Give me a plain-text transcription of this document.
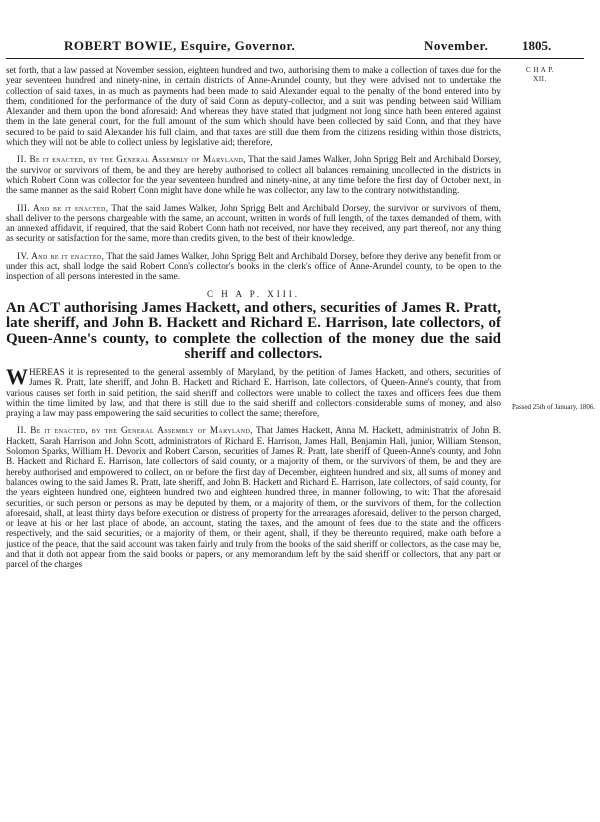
ROBERT BOWIE, Esquire, Governor.	November.	1805.
C H A P.
XII.
Passed 25th of January, 1806.

set forth, that a law passed at November session, eighteen hundred and two, authorising them to make a collection of taxes due for the year seventeen hundred and ninety-nine, in certain districts of Anne-Arundel county, but they were advised not to undertake the collection of said taxes, in as much as payments had been made to said Alexander equal to the penalty of the bond entered into by them, conditioned for the performance of the duty of said Conn as deputy-collector, and a suit was pending between said William Alexander and them upon the bond aforesaid: And whereas they have stated that judgment not long since hath been entered against them in the late general court, for the full amount of the sum which should have been collected by said Conn, and that they have secured to be paid to said Alexander his full claim, and that taxes are still due them from the citizens residing within those districts, which they will not be able to collect unless by legislative aid; therefore,

II. Be it enacted, by the General Assembly of Maryland, That the said James Walker, John Sprigg Belt and Archibald Dorsey, the survivor or survivors of them, be and they are hereby authorised to collect all balances remaining uncollected in the districts in which Robert Conn was collector for the year seventeen hundred and ninety-nine, at any time before the first day of October next, in the same manner as the said Robert Conn might have done while he was collector, any law to the contrary notwithstanding.

III. And be it enacted, That the said James Walker, John Sprigg Belt and Archibald Dorsey, the survivor or survivors of them, shall deliver to the persons chargeable with the same, an account, written in words of full length, of the taxes demanded of them, with an annexed affidavit, if required, that the said Robert Conn hath not received, nor have they received, any part thereof, nor any thing as security or satisfaction for the same, more than credits given, to the best of their knowledge.

IV. And be it enacted, That the said James Walker, John Sprigg Belt and Archibald Dorsey, before they derive any benefit from or under this act, shall lodge the said Robert Conn's collector's books in the clerk's office of Anne-Arundel county, to be open to the inspection of all persons interested in the same.

C H A P. XIII.
An ACT authorising James Hackett, and others, securities of James R. Pratt, late sheriff, and John B. Hackett and Richard E. Harrison, late collectors, of Queen-Anne's county, to complete the collection of the money due the said sheriff and collectors.

WHEREAS it is represented to the general assembly of Maryland, by the petition of James Hackett, and others, securities of James R. Pratt, late sheriff, and John B. Hackett and Richard E. Harrison, late collectors, of Queen-Anne's county, that from various causes set forth in said petition, the said sheriff and collectors were unable to collect the taxes and officers fees due them within the time limited by law, and that there is still due to the said sheriff and collectors considerable sums of money, and also praying a law may pass empowering the said securities to collect the same; therefore,

II. Be it enacted, by the General Assembly of Maryland, That James Hackett, Anna M. Hackett, administratrix of John B. Hackett, Sarah Harrison and John Scott, administrators of Richard E. Harrison, James Hall, Benjamin Hall, junior, William Stenson, Solomon Sparks, William H. Devorix and Robert Carson, securities of James R. Pratt, late sheriff of Queen-Anne's county, and John B. Hackett and Richard E. Harrison, late collectors of said county, or a majority of them, or the survivors of them, be and they are hereby authorised and empowered to collect, on or before the first day of December, eighteen hundred and six, all sums of money and balances owing to the said James R. Pratt, late sheriff, and John B. Hackett and Richard E. Harrison, late collectors, of said county, for the years eighteen hundred one, eighteen hundred two and eighteen hundred three, in manner following, to wit: That the aforesaid securities, or such person or persons as may be deputed by them, or a majority of them, or the survivors of them, for the collection aforesaid, shall, at least thirty days before execution or distress of property for the arrearages aforesaid, deliver to the person charged, or leave at his or her last place of abode, an account, stating the taxes, and the amount of fees due to the state and the officers respectively, and the said securities, or a majority of them, or their agent, shall, if they be thereunto required, make oath before a justice of the peace, that the said account was taken fairly and truly from the books of the said sheriff or collectors, as the case may be, and that it doth not appear from the said books or papers, or any memorandum left by the said sheriff or collectors, that any part or parcel of the charges
